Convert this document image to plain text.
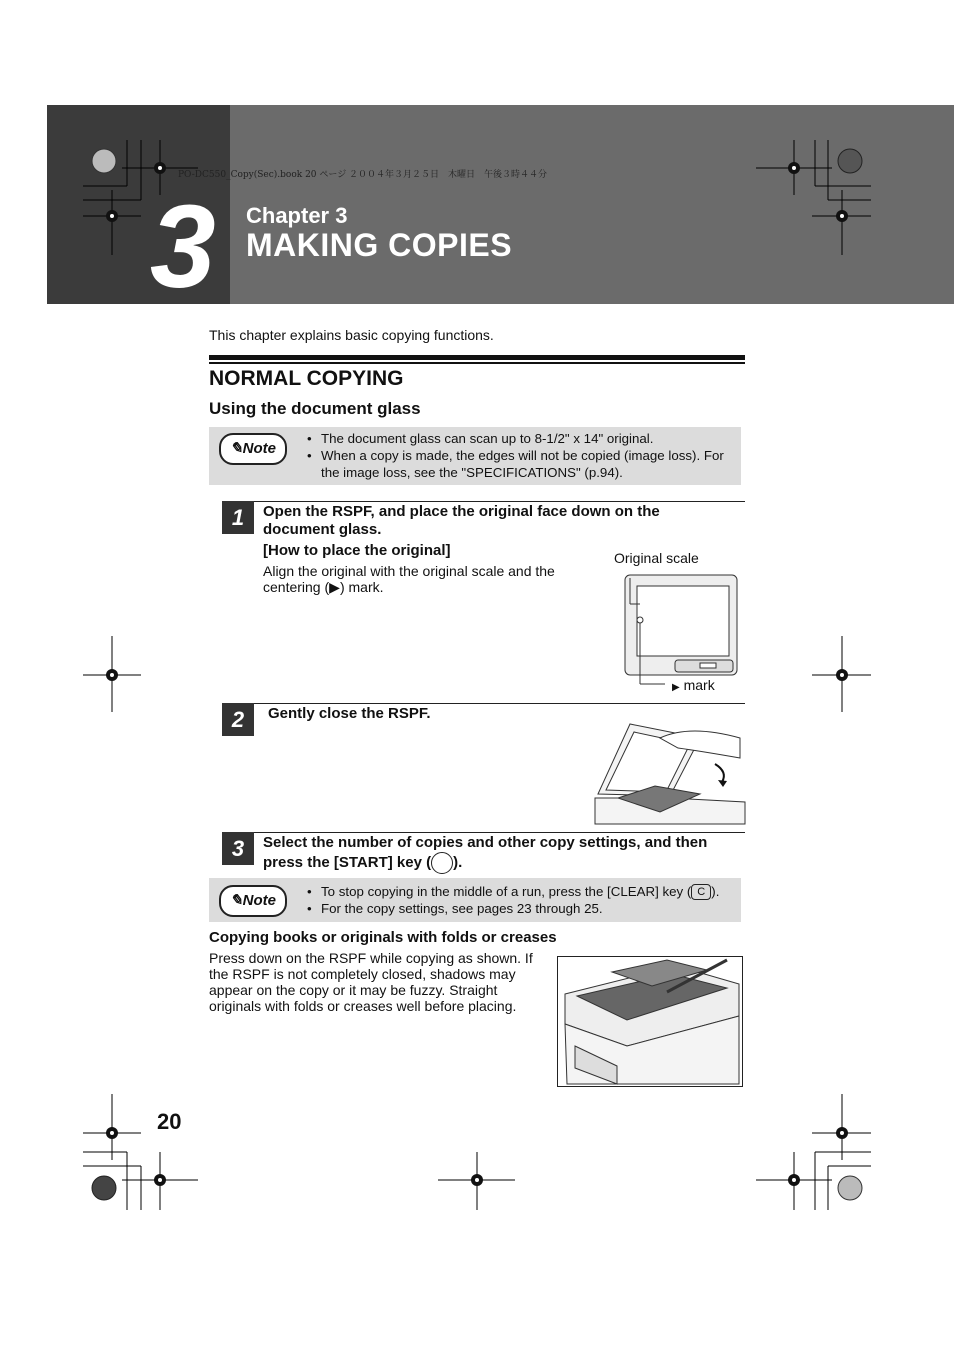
PO-DC550_Copy(Sec).book 20 ページ ２００４年３月２５日　木曜日　午後３時４４分
3 Chapter 3
MAKING COPIES
This chapter explains basic copying functions.
NORMAL COPYING
Using the document glass
✎Note
• The document glass can scan up to 8-1/2" x 14" original.
• When a copy is made, the edges will not be copied (image loss). For the image loss, see the "SPECIFICATIONS" (p.94).
1	Open the RSPF, and place the original face down on the document glass.
[How to place the original]
Align the original with the original scale and the centering (▶) mark.
Original scale
▶ mark
2	Gently close the RSPF.
3	Select the number of copies and other copy settings, and then press the [START] key ( ).
✎Note
• To stop copying in the middle of a run, press the [CLEAR] key ( C ).
• For the copy settings, see pages 23 through 25.
Copying books or originals with folds or creases
Press down on the RSPF while copying as shown. If the RSPF is not completely closed, shadows may appear on the copy or it may be fuzzy. Straight originals with folds or creases well before placing.
20
